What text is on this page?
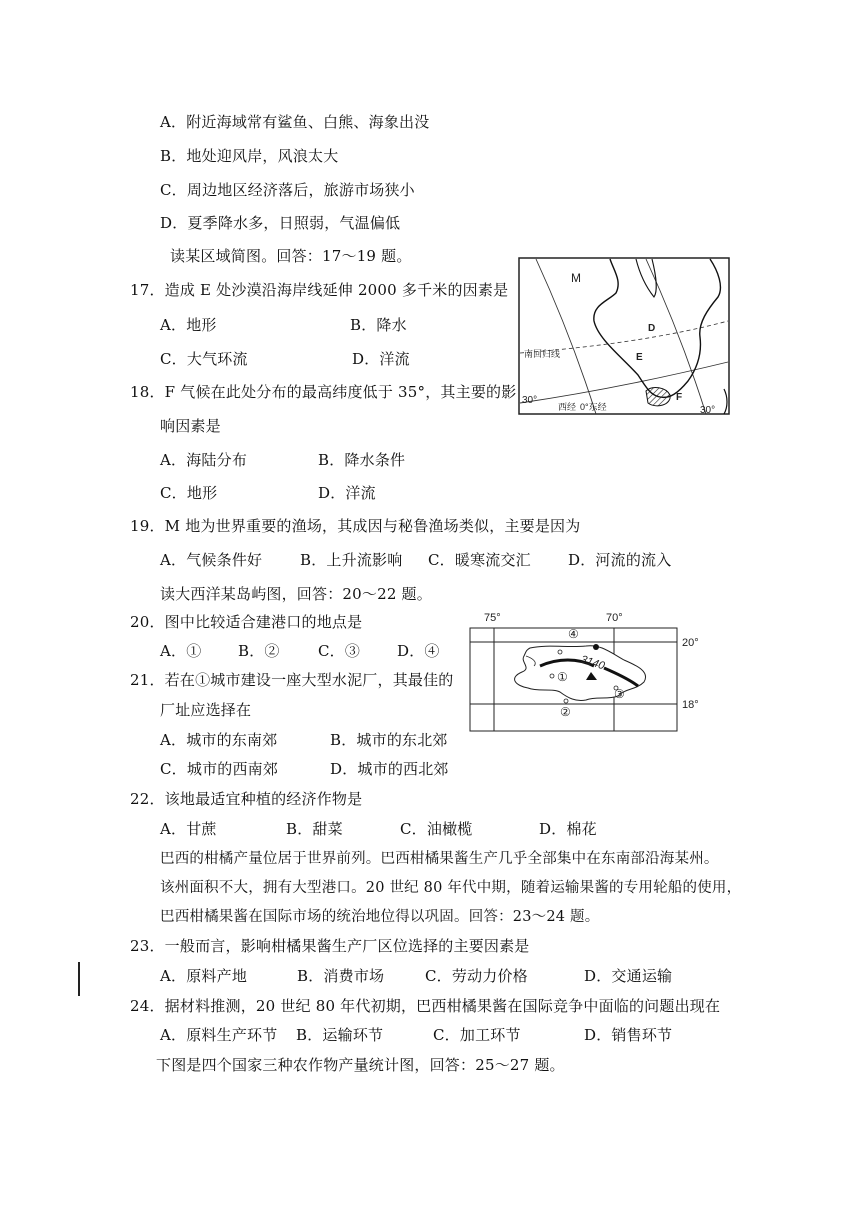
A．附近海域常有鲨鱼、白熊、海象出没
B．地处迎风岸，风浪太大
C．周边地区经济落后，旅游市场狭小
D．夏季降水多，日照弱，气温偏低
读某区域简图。回答：17～19 题。
17．造成 E 处沙漠沿海岸线延伸 2000 多千米的因素是
A．地形	B．降水
C．大气环流	D．洋流
18．F 气候在此处分布的最高纬度低于 35°，其主要的影
响因素是
A．海陆分布	B．降水条件
C．地形	D．洋流
19．M 地为世界重要的渔场，其成因与秘鲁渔场类似，主要是因为
A．气候条件好	B．上升流影响 C．暖寒流交汇 D．河流的流入
读大西洋某岛屿图，回答：20～22 题。
20．图中比较适合建港口的地点是
A．① B．②	C．③ D．④
21．若在①城市建设一座大型水泥厂，其最佳的
厂址应选择在
A．城市的东南郊	B．城市的东北郊
C．城市的西南郊	D．城市的西北郊
22．该地最适宜种植的经济作物是
A．甘蔗	B．甜菜	C．油橄榄	D．棉花
巴西的柑橘产量位居于世界前列。巴西柑橘果酱生产几乎全部集中在东南部沿海某州。
该州面积不大，拥有大型港口。20 世纪 80 年代中期，随着运输果酱的专用轮船的使用，
巴西柑橘果酱在国际市场的统治地位得以巩固。回答：23～24 题。
23．一般而言，影响柑橘果酱生产厂区位选择的主要因素是
A．原料产地	B．消费市场	C．劳动力价格	D．交通运输
24．据材料推测，20 世纪 80 年代初期，巴西柑橘果酱在国际竞争中面临的问题出现在
A．原料生产环节 B．运输环节	C．加工环节	D．销售环节
下图是四个国家三种农作物产量统计图，回答：25～27 题。
M
D
E
F
南回归线
30°
西经 0°东经	30°
75°	70°
20°
18°
3140
①
②
③
④
